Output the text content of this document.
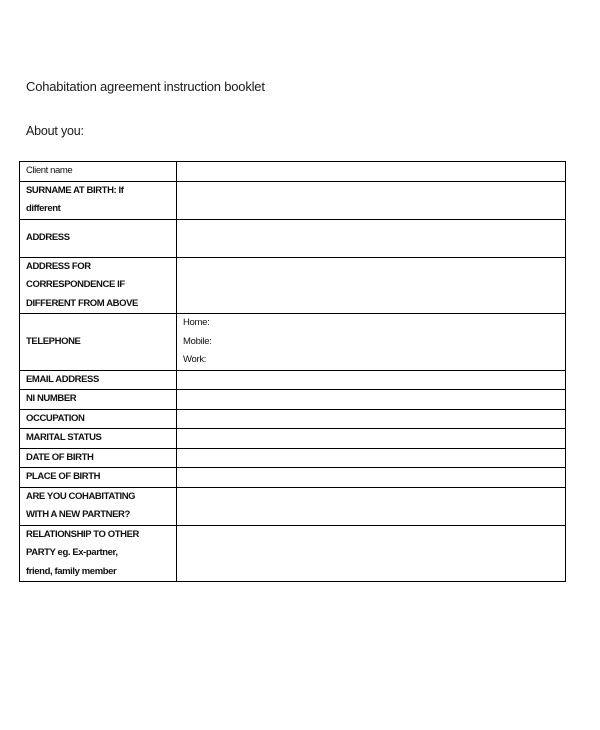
Cohabitation agreement instruction booklet
About you:
Client name	

SURNAME AT BIRTH: If
different	

ADDRESS	

ADDRESS FOR
CORRESPONDENCE IF
DIFFERENT FROM ABOVE	

TELEPHONE	Home:
Mobile:
Work:

EMAIL ADDRESS	

NI NUMBER	

OCCUPATION	

MARITAL STATUS	

DATE OF BIRTH	

PLACE OF BIRTH	

ARE YOU COHABITATING
WITH A NEW PARTNER?	

RELATIONSHIP TO OTHER
PARTY eg. Ex-partner,
friend, family member	
